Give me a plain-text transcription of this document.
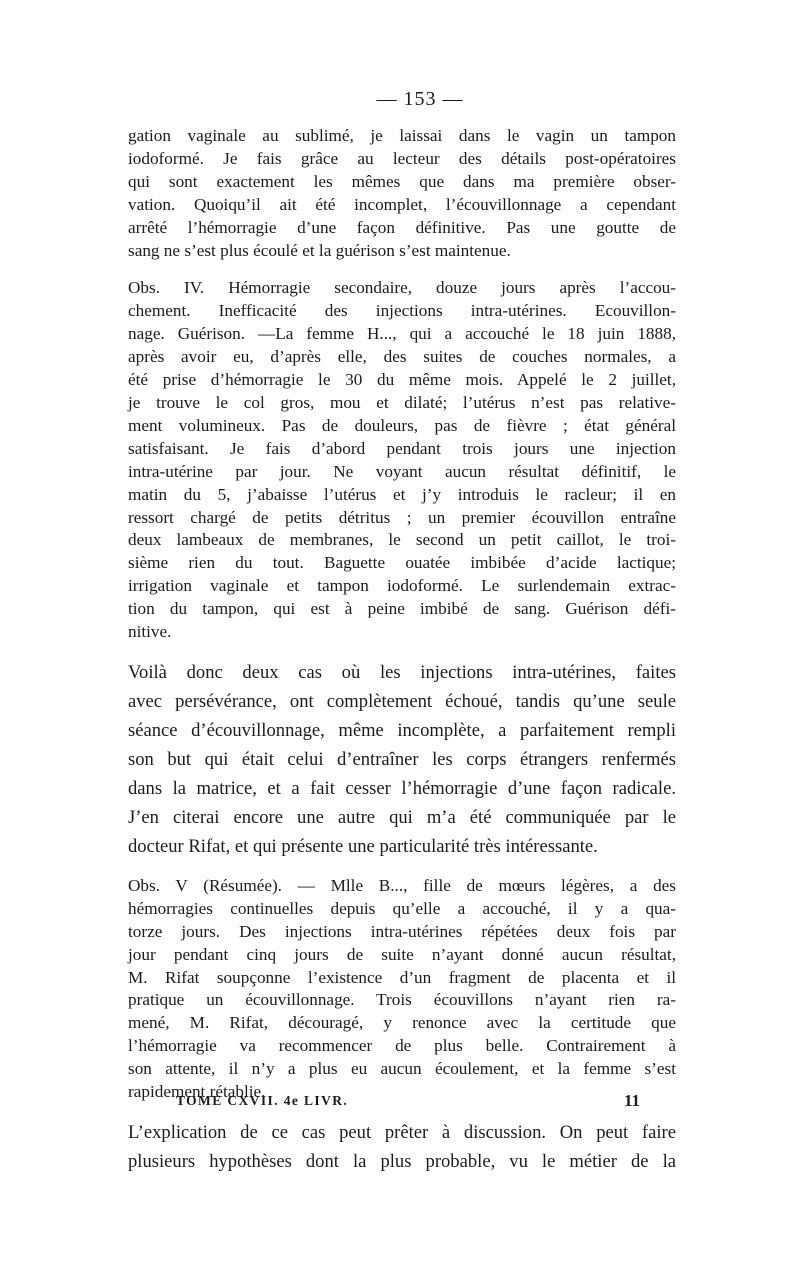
— 153 —

gation vaginale au sublimé, je laissai dans le vagin un tampon
iodoformé. Je fais grâce au lecteur des détails post-opératoires
qui sont exactement les mêmes que dans ma première obser-
vation. Quoiqu’il ait été incomplet, l’écouvillonnage a cependant
arrêté l’hémorragie d’une façon définitive. Pas une goutte de
sang ne s’est plus écoulé et la guérison s’est maintenue.

Obs. IV. Hémorragie secondaire, douze jours après l’accou-
chement. Inefficacité des injections intra-utérines. Ecouvillon-
nage. Guérison. —La femme H..., qui a accouché le 18 juin 1888,
après avoir eu, d’après elle, des suites de couches normales, a
été prise d’hémorragie le 30 du même mois. Appelé le 2 juillet,
je trouve le col gros, mou et dilaté; l’utérus n’est pas relative-
ment volumineux. Pas de douleurs, pas de fièvre ; état général
satisfaisant. Je fais d’abord pendant trois jours une injection
intra-utérine par jour. Ne voyant aucun résultat définitif, le
matin du 5, j’abaisse l’utérus et j’y introduis le racleur; il en
ressort chargé de petits détritus ; un premier écouvillon entraîne
deux lambeaux de membranes, le second un petit caillot, le troi-
sième rien du tout. Baguette ouatée imbibée d’acide lactique;
irrigation vaginale et tampon iodoformé. Le surlendemain extrac-
tion du tampon, qui est à peine imbibé de sang. Guérison défi-
nitive.

Voilà donc deux cas où les injections intra-utérines, faites
avec persévérance, ont complètement échoué, tandis qu’une seule
séance d’écouvillonnage, même incomplète, a parfaitement rempli
son but qui était celui d’entraîner les corps étrangers renfermés
dans la matrice, et a fait cesser l’hémorragie d’une façon radicale.
J’en citerai encore une autre qui m’a été communiquée par le
docteur Rifat, et qui présente une particularité très intéressante.

Obs. V (Résumée). — Mlle B..., fille de mœurs légères, a des
hémorragies continuelles depuis qu’elle a accouché, il y a qua-
torze jours. Des injections intra-utérines répétées deux fois par
jour pendant cinq jours de suite n’ayant donné aucun résultat,
M. Rifat soupçonne l’existence d’un fragment de placenta et il
pratique un écouvillonnage. Trois écouvillons n’ayant rien ra-
mené, M. Rifat, découragé, y renonce avec la certitude que
l’hémorragie va recommencer de plus belle. Contrairement à
son attente, il n’y a plus eu aucun écoulement, et la femme s’est
rapidement rétablie.

L’explication de ce cas peut prêter à discussion. On peut faire
plusieurs hypothèses dont la plus probable, vu le métier de la

TOME CXVII. 4e LIVR.	11
